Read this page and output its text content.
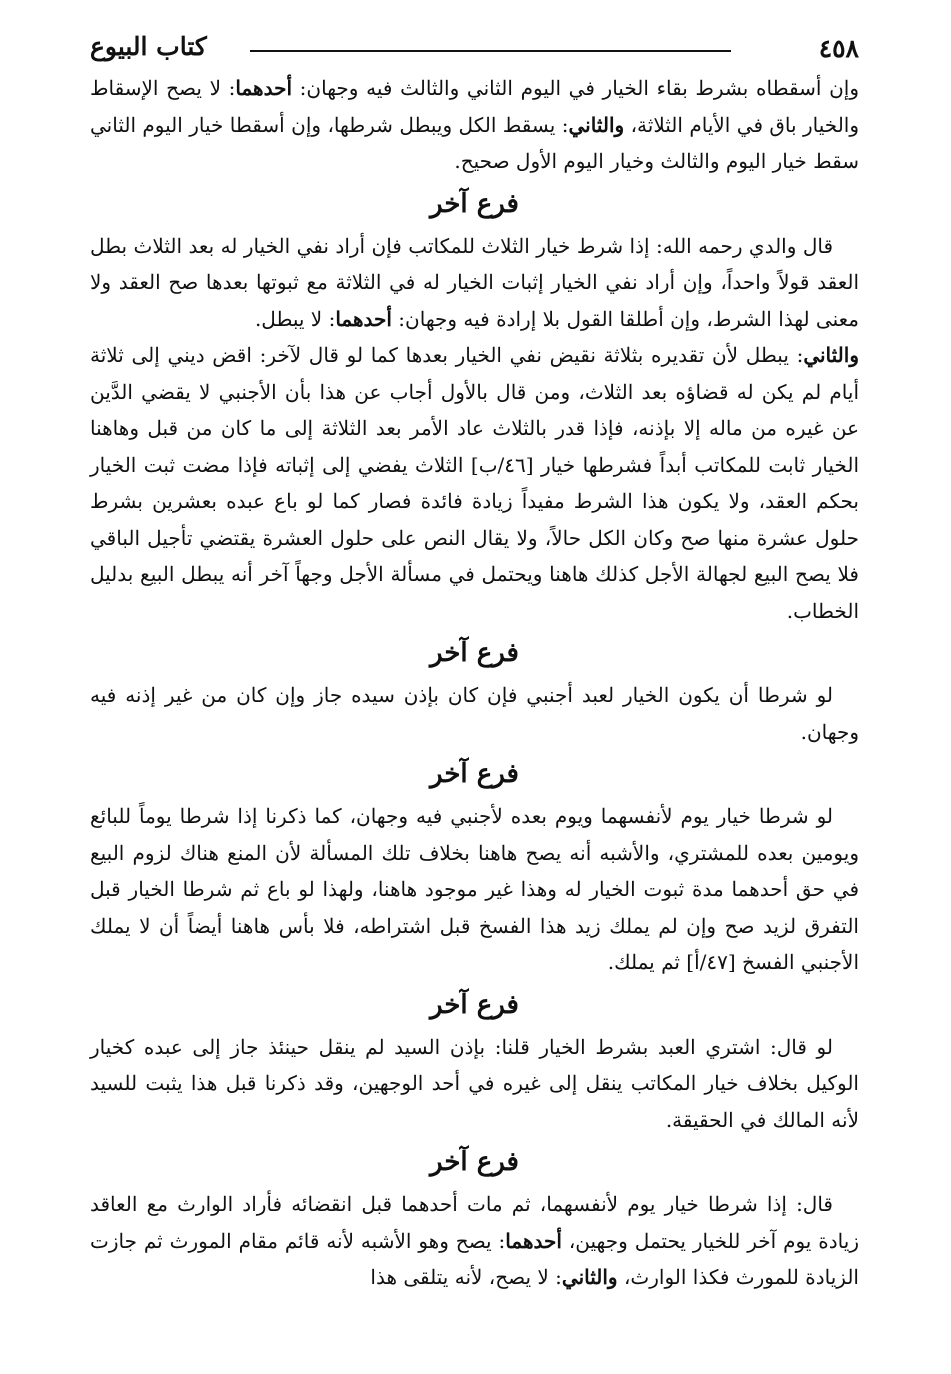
٤٥٨
كتاب البيوع

وإن أسقطاه بشرط بقاء الخيار في اليوم الثاني والثالث فيه وجهان: أحدهما: لا يصح الإسقاط والخيار باق في الأيام الثلاثة، والثاني: يسقط الكل ويبطل شرطها، وإن أسقطا خيار اليوم الثاني سقط خيار اليوم والثالث وخيار اليوم الأول صحيح.

فرع آخر

قال والدي رحمه الله: إذا شرط خيار الثلاث للمكاتب فإن أراد نفي الخيار له بعد الثلاث بطل العقد قولاً واحداً، وإن أراد نفي الخيار إثبات الخيار له في الثلاثة مع ثبوتها بعدها صح العقد ولا معنى لهذا الشرط، وإن أطلقا القول بلا إرادة فيه وجهان: أحدهما: لا يبطل.

والثاني: يبطل لأن تقديره بثلاثة نقيض نفي الخيار بعدها كما لو قال لآخر: اقض ديني إلى ثلاثة أيام لم يكن له قضاؤه بعد الثلاث، ومن قال بالأول أجاب عن هذا بأن الأجنبي لا يقضي الدَّين عن غيره من ماله إلا بإذنه، فإذا قدر بالثلاث عاد الأمر بعد الثلاثة إلى ما كان من قبل وهاهنا الخيار ثابت للمكاتب أبداً فشرطها خيار [٤٦/ب] الثلاث يفضي إلى إثباته فإذا مضت ثبت الخيار بحكم العقد، ولا يكون هذا الشرط مفيداً زيادة فائدة فصار كما لو باع عبده بعشرين بشرط حلول عشرة منها صح وكان الكل حالاً، ولا يقال النص على حلول العشرة يقتضي تأجيل الباقي فلا يصح البيع لجهالة الأجل كذلك هاهنا ويحتمل في مسألة الأجل وجهاً آخر أنه يبطل البيع بدليل الخطاب.

فرع آخر

لو شرطا أن يكون الخيار لعبد أجنبي فإن كان بإذن سيده جاز وإن كان من غير إذنه فيه وجهان.

فرع آخر

لو شرطا خيار يوم لأنفسهما ويوم بعده لأجنبي فيه وجهان، كما ذكرنا إذا شرطا يوماً للبائع ويومين بعده للمشتري، والأشبه أنه يصح هاهنا بخلاف تلك المسألة لأن المنع هناك لزوم البيع في حق أحدهما مدة ثبوت الخيار له وهذا غير موجود هاهنا، ولهذا لو باع ثم شرطا الخيار قبل التفرق لزيد صح وإن لم يملك زيد هذا الفسخ قبل اشتراطه، فلا بأس هاهنا أيضاً أن لا يملك الأجنبي الفسخ [٤٧/أ] ثم يملك.

فرع آخر

لو قال: اشتري العبد بشرط الخيار قلنا: بإذن السيد لم ينقل حينئذ جاز إلى عبده كخيار الوكيل بخلاف خيار المكاتب ينقل إلى غيره في أحد الوجهين، وقد ذكرنا قبل هذا يثبت للسيد لأنه المالك في الحقيقة.

فرع آخر

قال: إذا شرطا خيار يوم لأنفسهما، ثم مات أحدهما قبل انقضائه فأراد الوارث مع العاقد زيادة يوم آخر للخيار يحتمل وجهين، أحدهما: يصح وهو الأشبه لأنه قائم مقام المورث ثم جازت الزيادة للمورث فكذا الوارث، والثاني: لا يصح، لأنه يتلقى هذا
